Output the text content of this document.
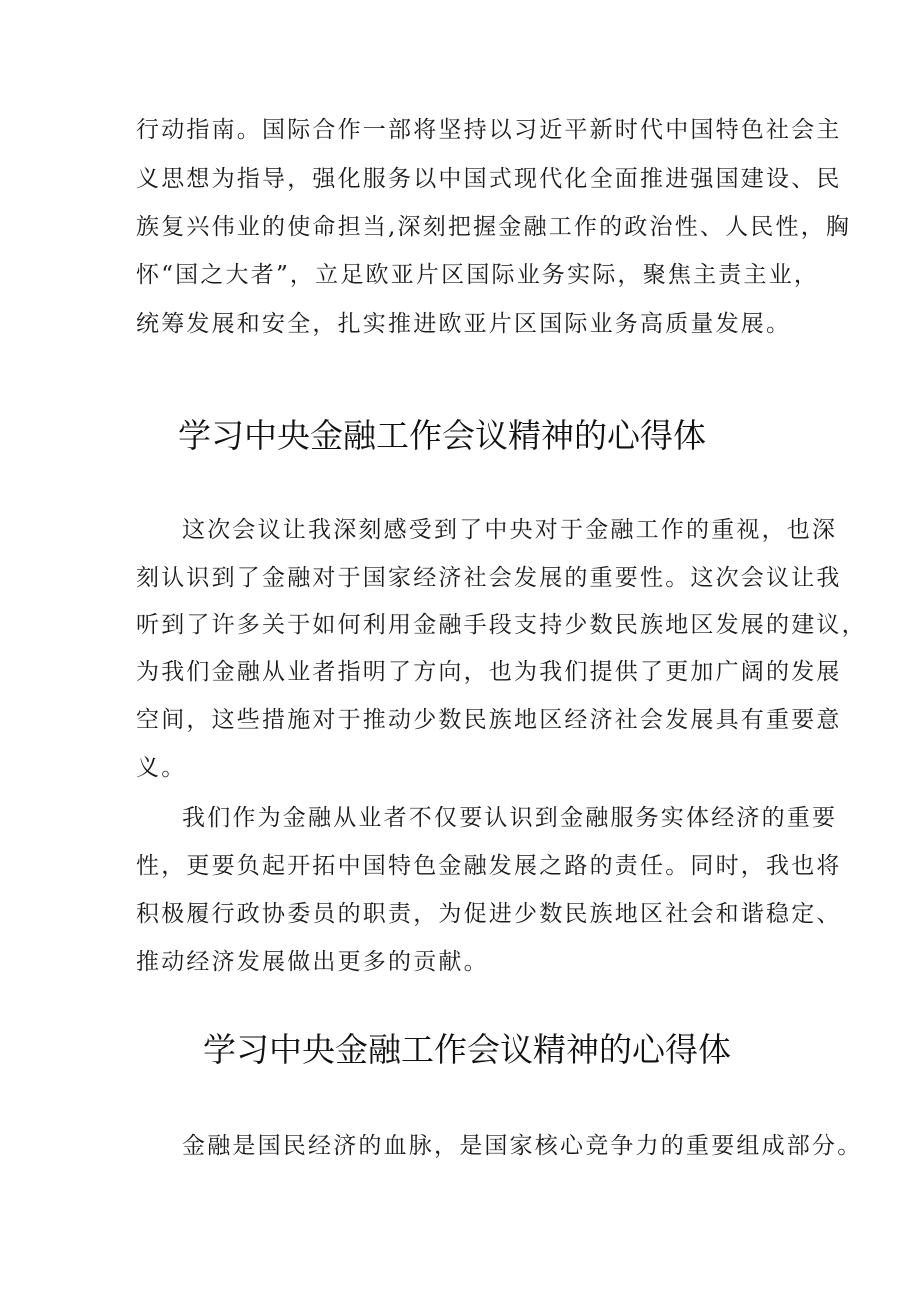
行动指南。国际合作一部将坚持以习近平新时代中国特色社会主
义思想为指导，强化服务以中国式现代化全面推进强国建设、民
族复兴伟业的使命担当,深刻把握金融工作的政治性、人民性，胸
怀“国之大者”，立足欧亚片区国际业务实际，聚焦主责主业，
统筹发展和安全，扎实推进欧亚片区国际业务高质量发展。
学习中央金融工作会议精神的心得体
这次会议让我深刻感受到了中央对于金融工作的重视，也深
刻认识到了金融对于国家经济社会发展的重要性。这次会议让我
听到了许多关于如何利用金融手段支持少数民族地区发展的建议，
为我们金融从业者指明了方向，也为我们提供了更加广阔的发展
空间，这些措施对于推动少数民族地区经济社会发展具有重要意
义。
我们作为金融从业者不仅要认识到金融服务实体经济的重要
性，更要负起开拓中国特色金融发展之路的责任。同时，我也将
积极履行政协委员的职责，为促进少数民族地区社会和谐稳定、
推动经济发展做出更多的贡献。
学习中央金融工作会议精神的心得体
金融是国民经济的血脉，是国家核心竞争力的重要组成部分。
